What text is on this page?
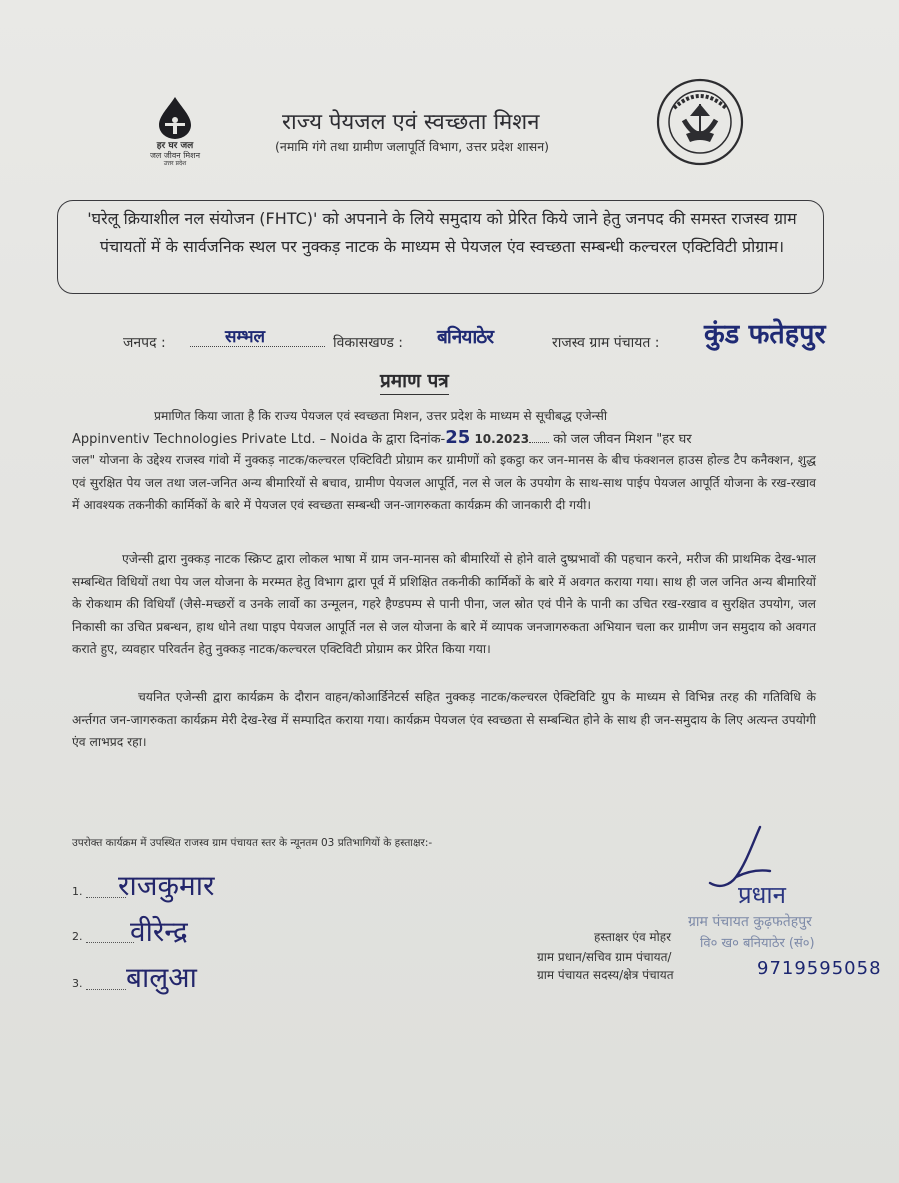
हर घर जल
जल जीवन मिशन
उत्तर प्रदेश
राज्य पेयजल एवं स्वच्छता मिशन
(नमामि गंगे तथा ग्रामीण जलापूर्ति विभाग, उत्तर प्रदेश शासन)
'घरेलू क्रियाशील नल संयोजन (FHTC)' को अपनाने के लिये समुदाय को प्रेरित किये जाने हेतु जनपद की समस्त राजस्व ग्राम पंचायतों में के सार्वजनिक स्थल पर नुक्कड़ नाटक के माध्यम से पेयजल एंव स्वच्छता सम्बन्धी कल्चरल एक्टिविटी प्रोग्राम।
जनपद :	सम्भल	विकासखण्ड : बनियाठेर	राजस्व ग्राम पंचायत : कुंड फतेहपुर
प्रमाण पत्र
प्रमाणित किया जाता है कि राज्य पेयजल एवं स्वच्छता मिशन, उत्तर प्रदेश के माध्यम से सूचीबद्ध एजेन्सी
Appinventiv Technologies Private Ltd. – Noida के द्वारा दिनांक-25 10.2023 को जल जीवन मिशन "हर घर
जल" योजना के उद्देश्य राजस्व गांवो में नुक्कड़ नाटक/कल्चरल एक्टिविटी प्रोग्राम कर ग्रामीणों को इकट्ठा कर जन-मानस के बीच फंक्शनल हाउस होल्ड टैप कनैक्शन, शुद्ध एवं सुरक्षित पेय जल तथा जल-जनित अन्य बीमारियों से बचाव, ग्रामीण पेयजल आपूर्ति, नल से जल के उपयोग के साथ-साथ पाईप पेयजल आपूर्ति योजना के रख-रखाव में आवश्यक तकनीकी कार्मिकों के बारे में पेयजल एवं स्वच्छता सम्बन्धी जन-जागरुकता कार्यक्रम की जानकारी दी गयी।
एजेन्सी द्वारा नुक्कड़ नाटक स्क्रिप्ट द्वारा लोकल भाषा में ग्राम जन-मानस को बीमारियों से होने वाले दुष्प्रभावों की पहचान करने, मरीज की प्राथमिक देख-भाल सम्बन्धित विधियों तथा पेय जल योजना के मरम्मत हेतु विभाग द्वारा पूर्व में प्रशिक्षित तकनीकी कार्मिकों के बारे में अवगत कराया गया। साथ ही जल जनित अन्य बीमारियों के रोकथाम की विधियाँ (जैसे-मच्छरों व उनके लार्वो का उन्मूलन, गहरे हैण्डपम्प से पानी पीना, जल स्रोत एवं पीने के पानी का उचित रख-रखाव व सुरक्षित उपयोग, जल निकासी का उचित प्रबन्धन, हाथ धोने तथा पाइप पेयजल आपूर्ति नल से जल योजना के बारे में व्यापक जनजागरुकता अभियान चला कर ग्रामीण जन समुदाय को अवगत कराते हुए, व्यवहार परिवर्तन हेतु नुक्कड़ नाटक/कल्चरल एक्टिविटी प्रोग्राम कर प्रेरित किया गया।
चयनित एजेन्सी द्वारा कार्यक्रम के दौरान वाहन/कोआर्डिनेटर्स सहित नुक्कड़ नाटक/कल्चरल ऐक्टिविटि ग्रुप के माध्यम से विभिन्न तरह की गतिविधि के अर्न्तगत जन-जागरुकता कार्यक्रम मेरी देख-रेख में सम्पादित कराया गया। कार्यक्रम पेयजल एंव स्वच्छता से सम्बन्धित होने के साथ ही जन-समुदाय के लिए अत्यन्त उपयोगी एंव लाभप्रद रहा।
उपरोक्त कार्यक्रम में उपस्थित राजस्व ग्राम पंचायत स्तर के न्यूनतम 03 प्रतिभागियों के हस्ताक्षर:-
1. राजकुमार
2. वीरेन्द्र
3. बालुआ
प्रधान
ग्राम पंचायत कुढ़फतेहपुर
वि० ख० बनियाठेर (सं०)
हस्ताक्षर एंव मोहर
ग्राम प्रधान/सचिव ग्राम पंचायत/
ग्राम पंचायत सदस्य/क्षेत्र पंचायत	9719595058
